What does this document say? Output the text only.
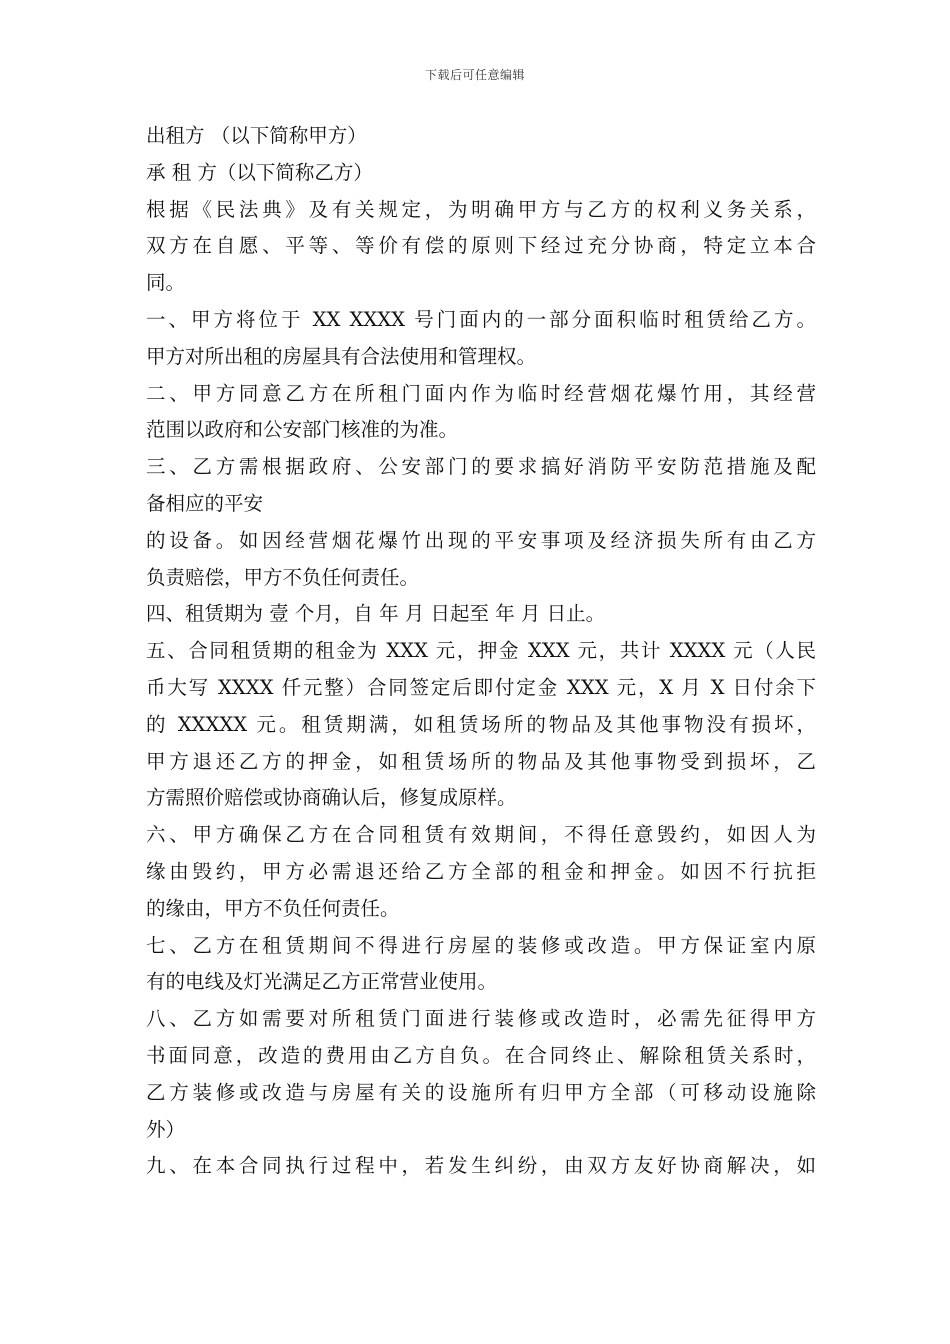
下载后可任意编辑
出租方 （以下简称甲方）
承 租 方（以下简称乙方）
根据《民法典》及有关规定，为明确甲方与乙方的权利义务关系，
双方在自愿、平等、等价有偿的原则下经过充分协商，特定立本合
同。
一、甲方将位于 XX XXXX 号门面内的一部分面积临时租赁给乙方。
甲方对所出租的房屋具有合法使用和管理权。
二、甲方同意乙方在所租门面内作为临时经营烟花爆竹用，其经营
范围以政府和公安部门核准的为准。
三、乙方需根据政府、公安部门的要求搞好消防平安防范措施及配
备相应的平安
的设备。如因经营烟花爆竹出现的平安事项及经济损失所有由乙方
负责赔偿，甲方不负任何责任。
四、租赁期为 壹 个月，自 年 月 日起至 年 月 日止。
五、合同租赁期的租金为 XXX 元，押金 XXX 元，共计 XXXX 元（人民
币大写 XXXX 仟元整）合同签定后即付定金 XXX 元，X 月 X 日付余下
的 XXXXX 元。租赁期满，如租赁场所的物品及其他事物没有损坏，
甲方退还乙方的押金，如租赁场所的物品及其他事物受到损坏，乙
方需照价赔偿或协商确认后，修复成原样。
六、甲方确保乙方在合同租赁有效期间，不得任意毁约，如因人为
缘由毁约，甲方必需退还给乙方全部的租金和押金。如因不行抗拒
的缘由，甲方不负任何责任。
七、乙方在租赁期间不得进行房屋的装修或改造。甲方保证室内原
有的电线及灯光满足乙方正常营业使用。
八、乙方如需要对所租赁门面进行装修或改造时，必需先征得甲方
书面同意，改造的费用由乙方自负。在合同终止、解除租赁关系时，
乙方装修或改造与房屋有关的设施所有归甲方全部（可移动设施除
外）
九、在本合同执行过程中，若发生纠纷，由双方友好协商解决，如
